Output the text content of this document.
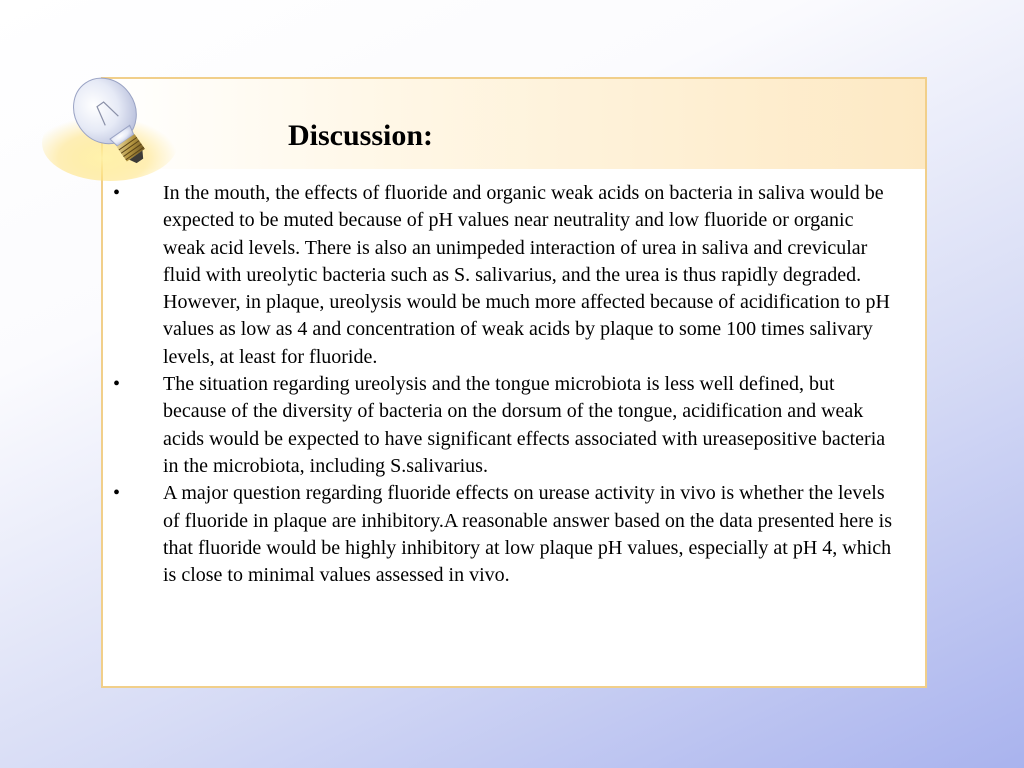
Discussion:
• In the mouth, the effects of fluoride and organic weak acids on bacteria in saliva would be expected to be muted because of pH values near neutrality and low fluoride or organic weak acid levels. There is also an unimpeded interaction of urea in saliva and crevicular fluid with ureolytic bacteria such as S. salivarius, and the urea is thus rapidly degraded. However, in plaque, ureolysis would be much more affected because of acidification to pH values as low as 4 and concentration of weak acids by plaque to some 100 times salivary levels, at least for fluoride.
• The situation regarding ureolysis and the tongue microbiota is less well defined, but because of the diversity of bacteria on the dorsum of the tongue, acidification and weak acids would be expected to have significant effects associated with ureasepositive bacteria in the microbiota, including S.salivarius.
• A major question regarding fluoride effects on urease activity in vivo is whether the levels of fluoride in plaque are inhibitory.A reasonable answer based on the data presented here is that fluoride would be highly inhibitory at low plaque pH values, especially at pH 4, which is close to minimal values assessed in vivo.
